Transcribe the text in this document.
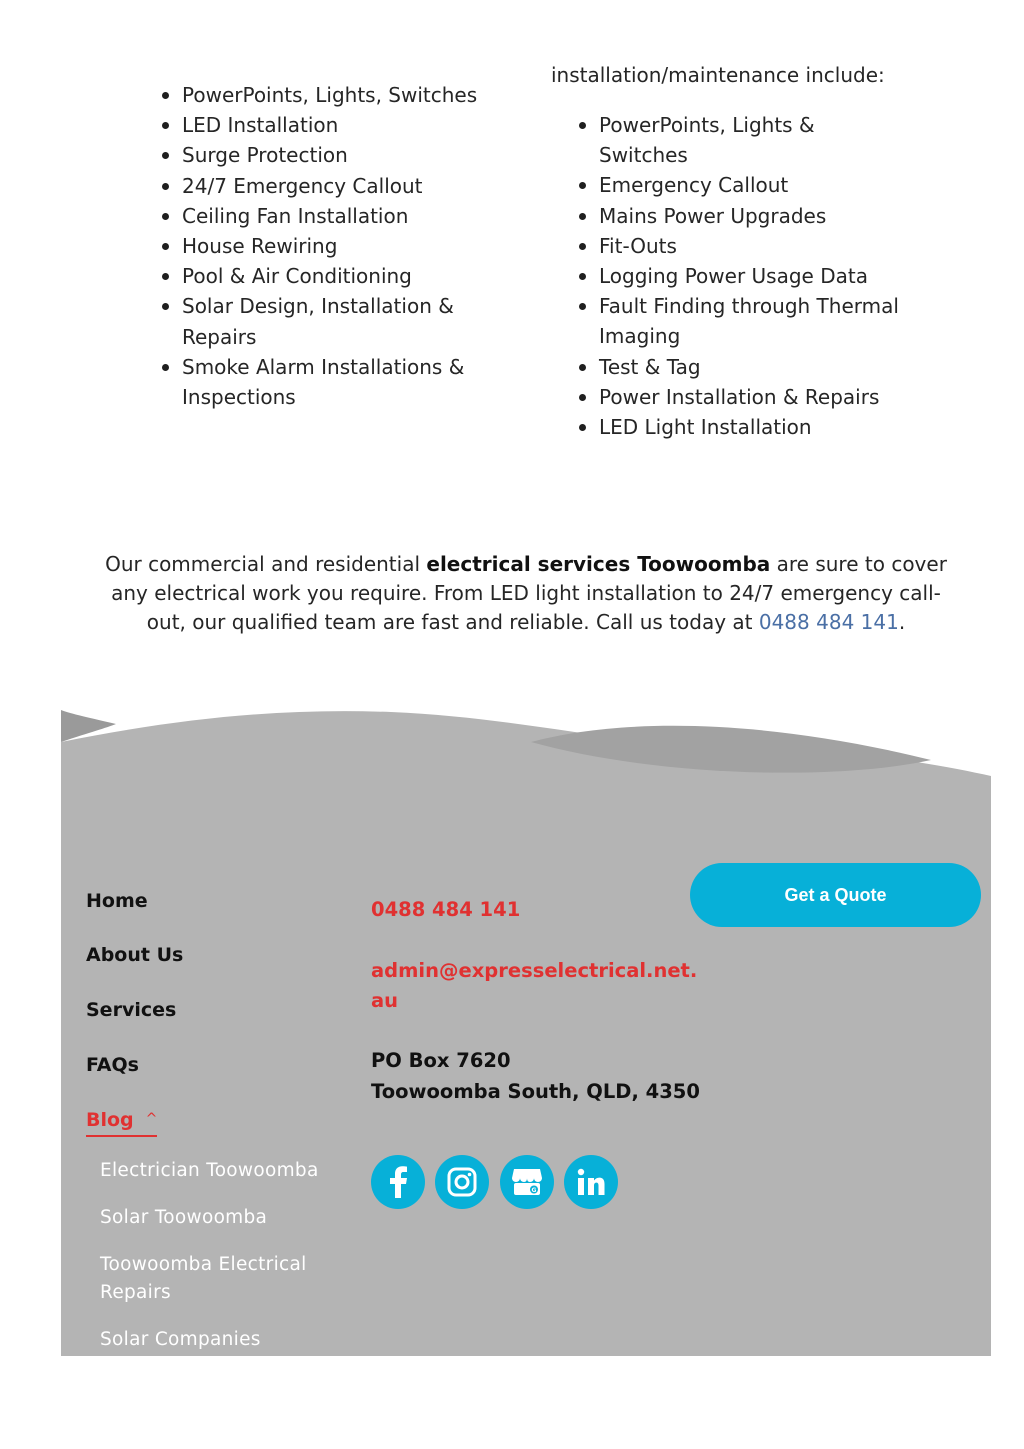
installation/maintenance include:
PowerPoints, Lights, Switches
LED Installation
Surge Protection
24/7 Emergency Callout
Ceiling Fan Installation
House Rewiring
Pool & Air Conditioning
Solar Design, Installation & Repairs
Smoke Alarm Installations & Inspections
PowerPoints, Lights & Switches
Emergency Callout
Mains Power Upgrades
Fit-Outs
Logging Power Usage Data
Fault Finding through Thermal Imaging
Test & Tag
Power Installation & Repairs
LED Light Installation

Our commercial and residential electrical services Toowoomba are sure to cover any electrical work you require. From LED light installation to 24/7 emergency call-out, our qualified team are fast and reliable. Call us today at 0488 484 141.

Home
About Us
Services
FAQs
Blog ^
Electrician Toowoomba
Solar Toowoomba
Toowoomba Electrical Repairs
Solar Companies
0488 484 141
admin@expresselectrical.net.
au
PO Box 7620
Toowoomba South, QLD, 4350
G
Get a Quote
